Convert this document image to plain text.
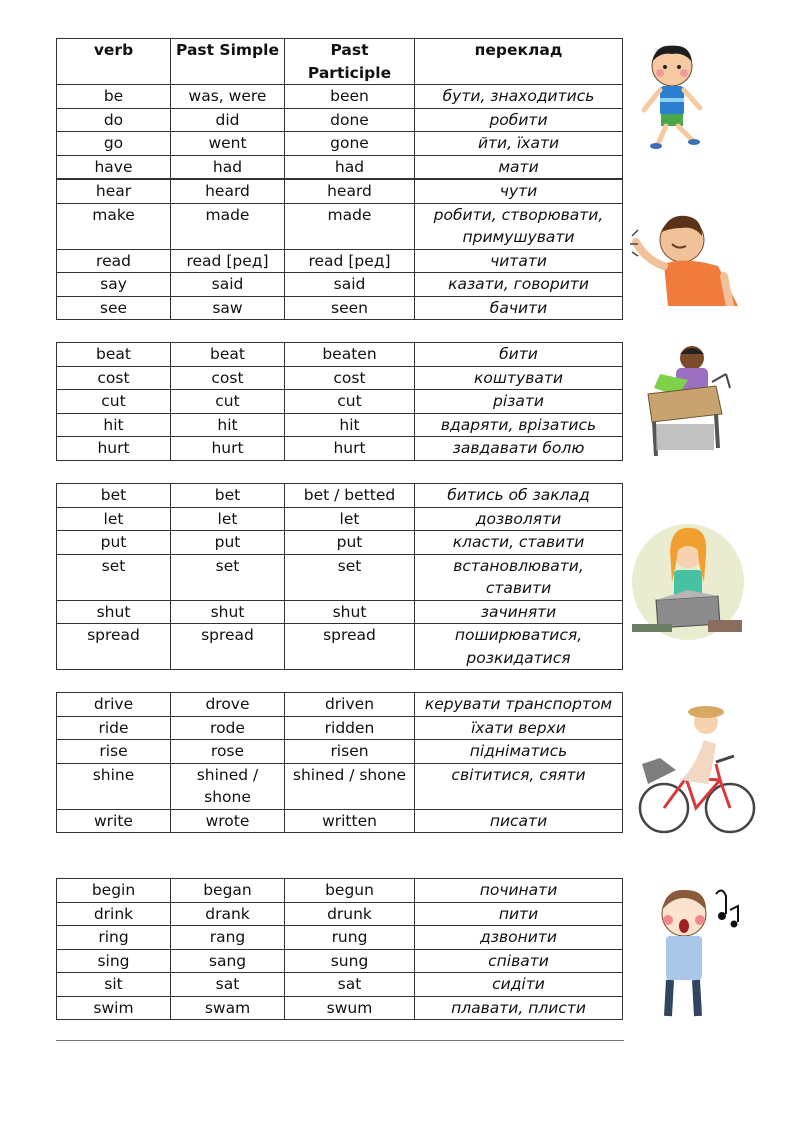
verb	Past Simple	Past Participle	переклад
be	was, were	been	бути, знаходитись
do	did	done	робити
go	went	gone	йти, їхати
have	had	had	мати
hear	heard	heard	чути
make	made	made	робити, створювати, примушувати
read	read [ред]	read [ред]	читати
say	said	said	казати, говорити
see	saw	seen	бачити
beat	beat	beaten	бити
cost	cost	cost	коштувати
cut	cut	cut	різати
hit	hit	hit	вдаряти, врізатись
hurt	hurt	hurt	завдавати болю
bet	bet	bet / betted	битись об заклад
let	let	let	дозволяти
put	put	put	класти, ставити
set	set	set	встановлювати, ставити
shut	shut	shut	зачиняти
spread	spread	spread	поширюватися, розкидатися
drive	drove	driven	керувати транспортом
ride	rode	ridden	їхати верхи
rise	rose	risen	піднiматись
shine	shined / shone	shined / shone	світитися, сяяти
write	wrote	written	писати
begin	began	begun	починати
drink	drank	drunk	пити
ring	rang	rung	дзвонити
sing	sang	sung	співати
sit	sat	sat	сидіти
swim	swam	swum	плавати, плисти
